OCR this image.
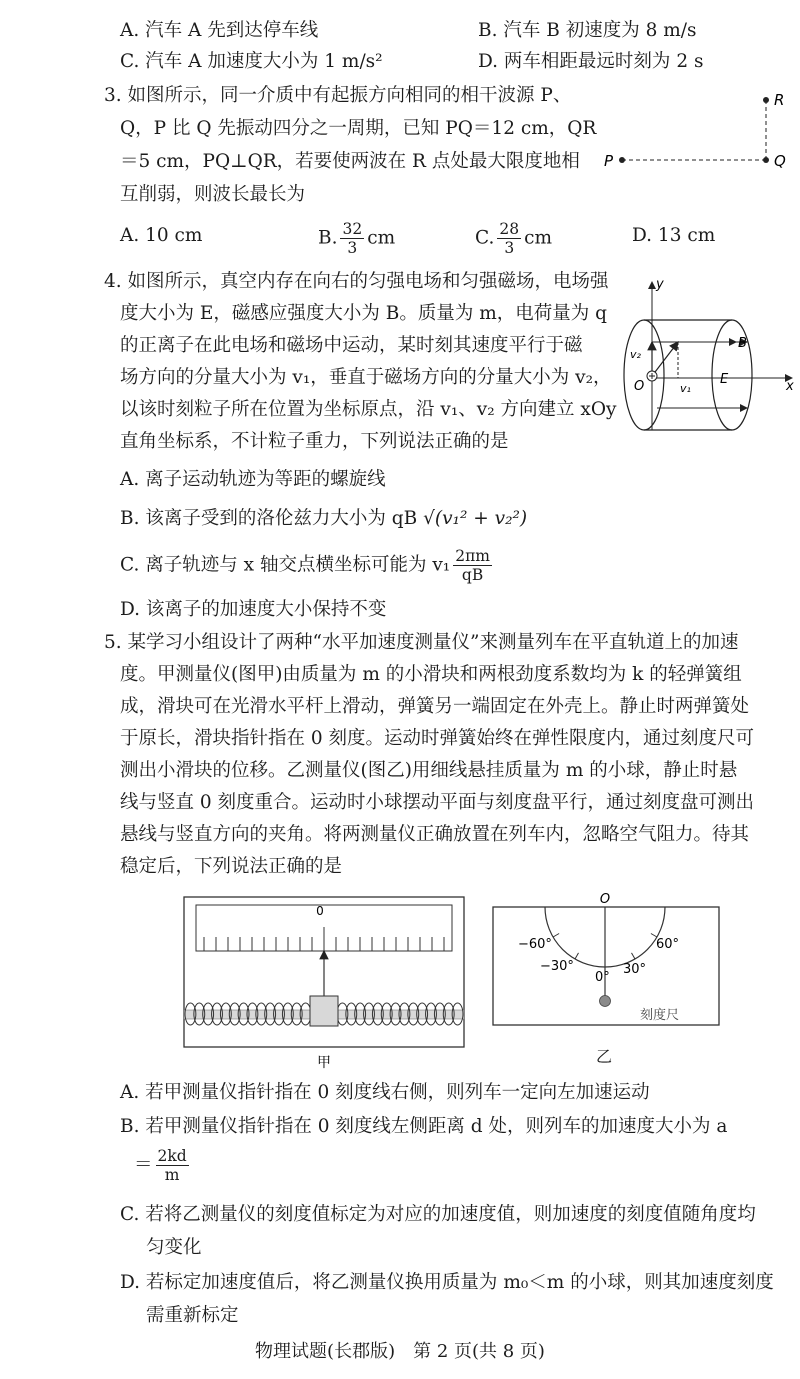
A. 汽车 A 先到达停车线	B. 汽车 B 初速度为 8 m/s
C. 汽车 A 加速度大小为 1 m/s²	D. 两车相距最远时刻为 2 s
3. 如图所示，同一介质中有起振方向相同的相干波源 P、
Q，P 比 Q 先振动四分之一周期，已知 PQ＝12 cm，QR
＝5 cm，PQ⊥QR，若要使两波在 R 点处最大限度地相
互削弱，则波长最长为
P	Q
R
A. 10 cm	B. $\frac{32}{3}$ cm	C. $\frac{28}{3}$ cm	D. 13 cm
4. 如图所示，真空内存在向右的匀强电场和匀强磁场，电场强
度大小为 E，磁感应强度大小为 B。质量为 m，电荷量为 q
的正离子在此电场和磁场中运动，某时刻其速度平行于磁
场方向的分量大小为 v₁，垂直于磁场方向的分量大小为 v₂，
以该时刻粒子所在位置为坐标原点，沿 v₁、v₂ 方向建立 xOy
直角坐标系，不计粒子重力，下列说法正确的是
y
x
O
B
E
v₁
v₂
A. 离子运动轨迹为等距的螺旋线
B. 该离子受到的洛伦兹力大小为 qB √(v₁² + v₂²)
C. 离子轨迹与 x 轴交点横坐标可能为 $v_1 \frac{2\pi m}{qB}$
D. 该离子的加速度大小保持不变
5. 某学习小组设计了两种“水平加速度测量仪”来测量列车在平直轨道上的加速
度。甲测量仪(图甲)由质量为 m 的小滑块和两根劲度系数均为 k 的轻弹簧组
成，滑块可在光滑水平杆上滑动，弹簧另一端固定在外壳上。静止时两弹簧处
于原长，滑块指针指在 0 刻度。运动时弹簧始终在弹性限度内，通过刻度尺可
测出小滑块的位移。乙测量仪(图乙)用细线悬挂质量为 m 的小球，静止时悬
线与竖直 0 刻度重合。运动时小球摆动平面与刻度盘平行，通过刻度盘可测出
悬线与竖直方向的夹角。将两测量仪正确放置在列车内，忽略空气阻力。待其
稳定后，下列说法正确的是
0
甲
O
−60°
−30°
0°
30°
60°
刻度尺
乙
A. 若甲测量仪指针指在 0 刻度线右侧，则列车一定向左加速运动
B. 若甲测量仪指针指在 0 刻度线左侧距离 d 处，则列车的加速度大小为 a
＝ $\frac{2kd}{m}$
C. 若将乙测量仪的刻度值标定为对应的加速度值，则加速度的刻度值随角度均
匀变化
D. 若标定加速度值后，将乙测量仪换用质量为 m₀＜m 的小球，则其加速度刻度
需重新标定
物理试题(长郡版)　第 2 页(共 8 页)
